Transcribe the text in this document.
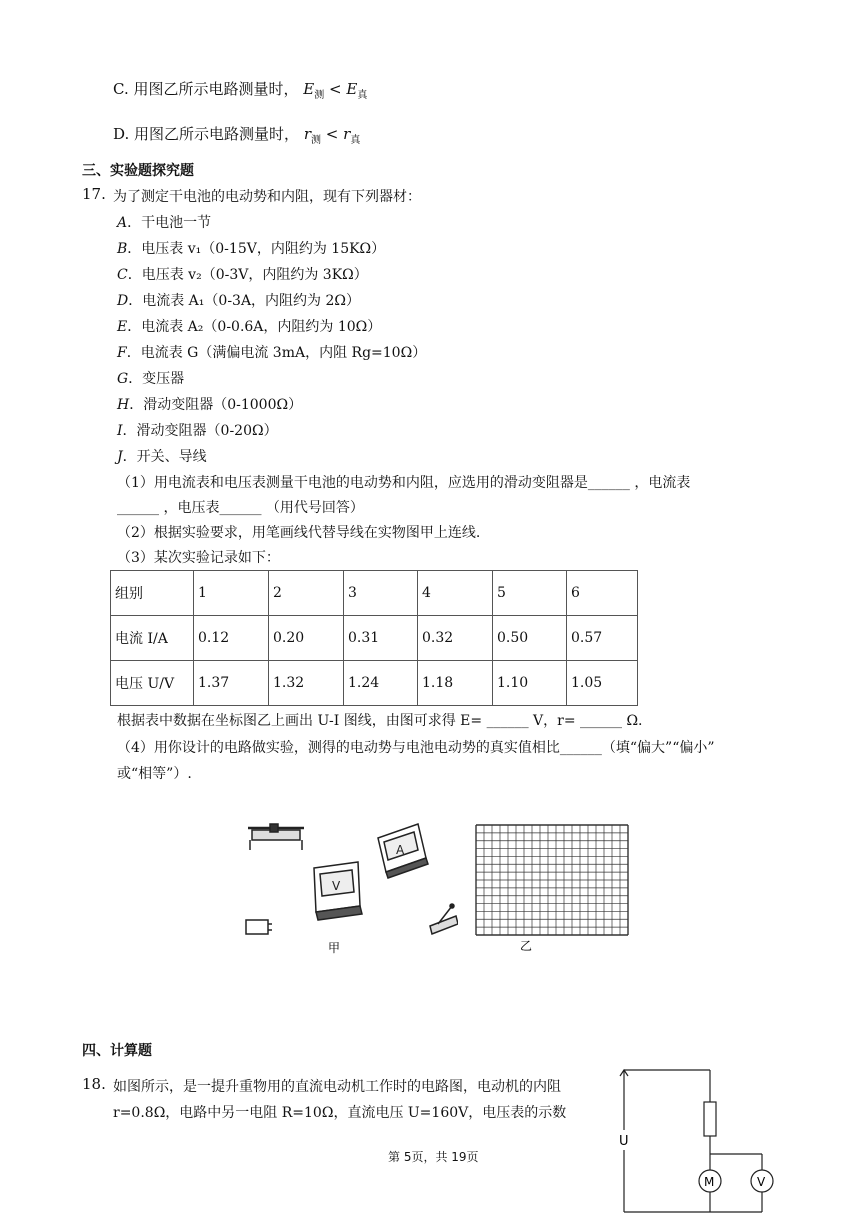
C. 用图乙所示电路测量时， $E_测 < E_真$
D. 用图乙所示电路测量时， $r_测 < r_真$
三、实验题探究题
17. 为了测定干电池的电动势和内阻，现有下列器材：
A．干电池一节
B．电压表 v₁（0-15V，内阻约为 15KΩ）
C．电压表 v₂（0-3V，内阻约为 3KΩ）
D．电流表 A₁（0-3A，内阻约为 2Ω）
E．电流表 A₂（0-0.6A，内阻约为 10Ω）
F．电流表 G（满偏电流 3mA，内阻 Rg=10Ω）
G．变压器
H．滑动变阻器（0-1000Ω）
I．滑动变阻器（0-20Ω）
J．开关、导线
（1）用电流表和电压表测量干电池的电动势和内阻，应选用的滑动变阻器是______ ，电流表
______ ，电压表______ （用代号回答）
（2）根据实验要求，用笔画线代替导线在实物图甲上连线.
（3）某次实验记录如下：
组别	1	2	3	4	5	6
电流 I/A	0.12	0.20	0.31	0.32	0.50	0.57
电压 U/V	1.37	1.32	1.24	1.18	1.10	1.05
根据表中数据在坐标图乙上画出 U-I 图线，由图可求得 E= ______ V，r= ______ Ω.
（4）用你设计的电路做实验，测得的电动势与电池电动势的真实值相比______（填“偏大”“偏小”
或“相等”）.
A
V
甲	乙
四、计算题
18. 如图所示，是一提升重物用的直流电动机工作时的电路图，电动机的内阻
r=0.8Ω，电路中另一电阻 R=10Ω，直流电压 U=160V，电压表的示数
U
M	V
第 5页，共 19页
